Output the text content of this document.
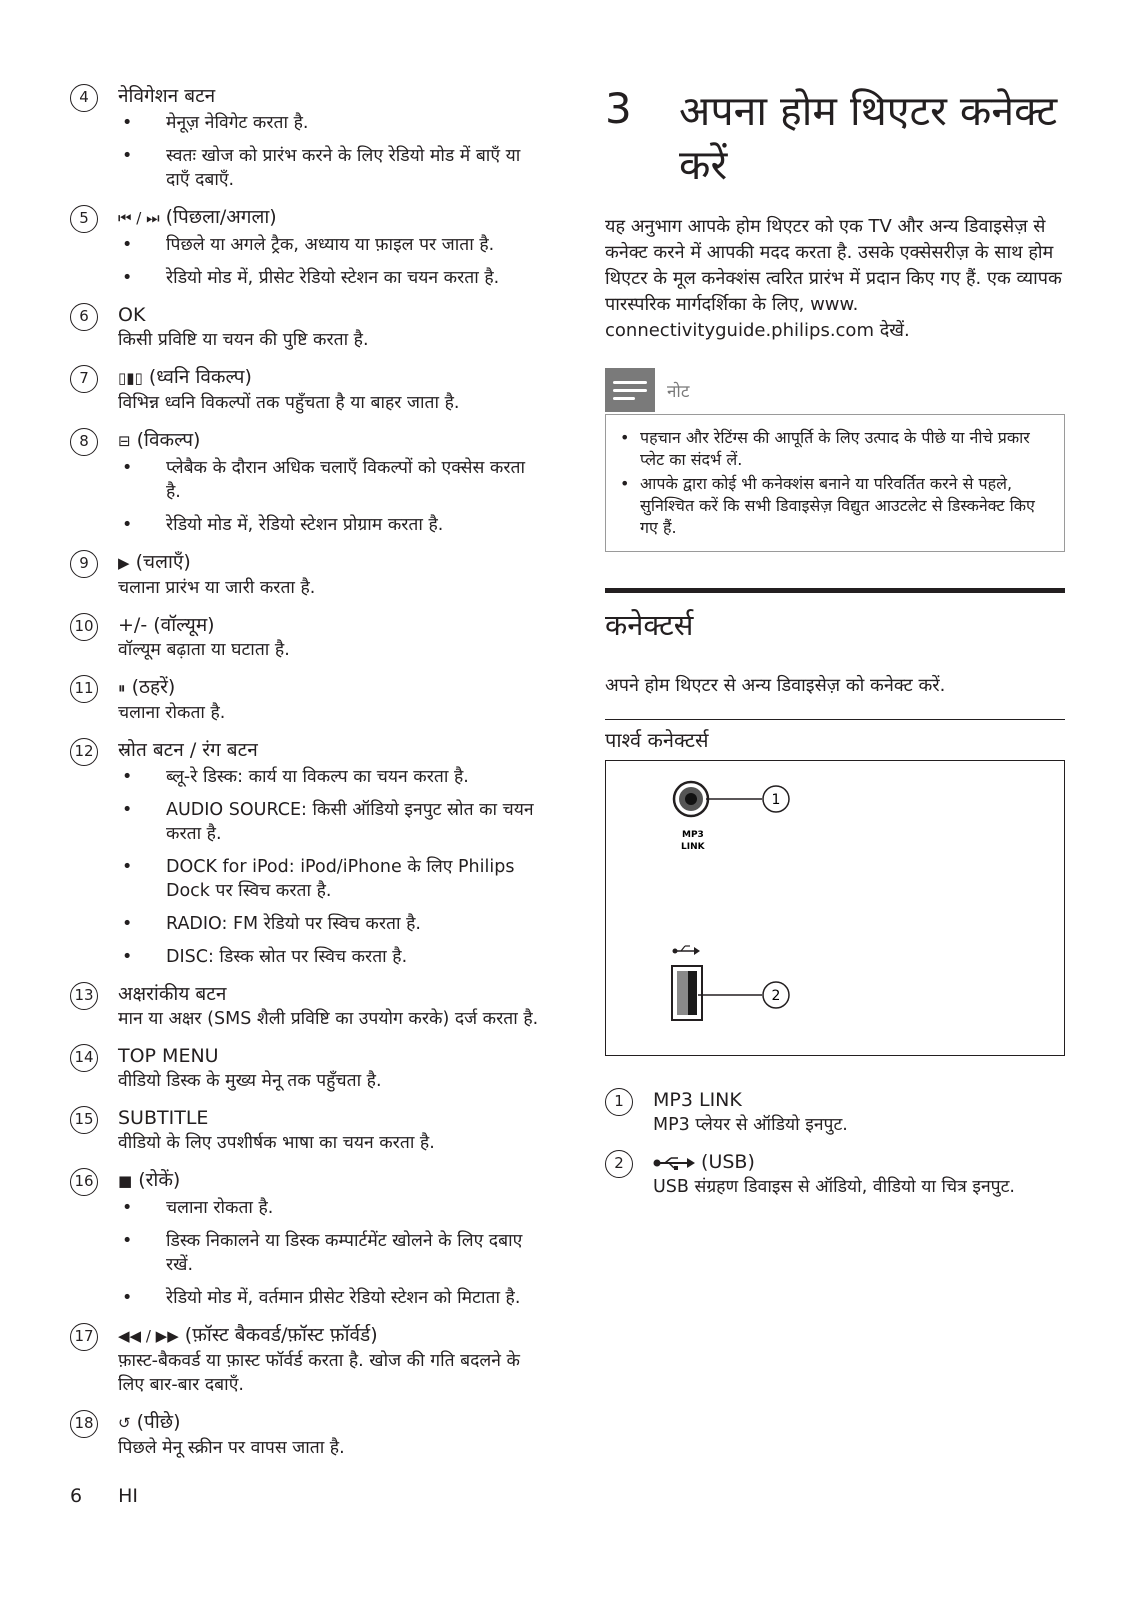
4	नेविगेशन बटन
• मेनूज़ नेविगेट करता है.
• स्वतः खोज को प्रारंभ करने के लिए रेडियो मोड में बाएँ या दाएँ दबाएँ.
5	⏮ / ⏭ (पिछला/अगला)
• पिछले या अगले ट्रैक, अध्याय या फ़ाइल पर जाता है.
• रेडियो मोड में, प्रीसेट रेडियो स्टेशन का चयन करता है.
6	OK
किसी प्रविष्टि या चयन की पुष्टि करता है.
7	▯▮▯ (ध्वनि विकल्प)
विभिन्न ध्वनि विकल्पों तक पहुँचता है या बाहर जाता है.
8	⊟ (विकल्प)
• प्लेबैक के दौरान अधिक चलाएँ विकल्पों को एक्सेस करता है.
• रेडियो मोड में, रेडियो स्टेशन प्रोग्राम करता है.
9	▶ (चलाएँ)
चलाना प्रारंभ या जारी करता है.
10 +/- (वॉल्यूम)
वॉल्यूम बढ़ाता या घटाता है.
11 ⏸ (ठहरें)
चलाना रोकता है.
12 स्रोत बटन / रंग बटन
• ब्लू-रे डिस्क: कार्य या विकल्प का चयन करता है.
• AUDIO SOURCE: किसी ऑडियो इनपुट स्रोत का चयन करता है.
• DOCK for iPod: iPod/iPhone के लिए Philips Dock पर स्विच करता है.
• RADIO: FM रेडियो पर स्विच करता है.
• DISC: डिस्क स्रोत पर स्विच करता है.
13 अक्षरांकीय बटन
मान या अक्षर (SMS शैली प्रविष्टि का उपयोग करके) दर्ज करता है.
14 TOP MENU
वीडियो डिस्क के मुख्य मेनू तक पहुँचता है.
15 SUBTITLE
वीडियो के लिए उपशीर्षक भाषा का चयन करता है.
16 ■ (रोकें)
• चलाना रोकता है.
• डिस्क निकालने या डिस्क कम्पार्टमेंट खोलने के लिए दबाए रखें.
• रेडियो मोड में, वर्तमान प्रीसेट रेडियो स्टेशन को मिटाता है.
17 ◀◀ / ▶▶ (फ़ॉस्ट बैकवर्ड/फ़ॉस्ट फ़ॉर्वर्ड)
फ़ास्ट-बैकवर्ड या फ़ास्ट फॉर्वर्ड करता है. खोज की गति बदलने के लिए बार-बार दबाएँ.
18 ↺ (पीछे)
पिछले मेनू स्क्रीन पर वापस जाता है.
3	अपना होम थिएटर कनेक्ट करें
यह अनुभाग आपके होम थिएटर को एक TV और अन्य डिवाइसेज़ से कनेक्ट करने में आपकी मदद करता है. उसके एक्सेसरीज़ के साथ होम थिएटर के मूल कनेक्शंस त्वरित प्रारंभ में प्रदान किए गए हैं. एक व्यापक पारस्परिक मार्गदर्शिका के लिए, www. connectivityguide.philips.com देखें.
नोट
• पहचान और रेटिंग्स की आपूर्ति के लिए उत्पाद के पीछे या नीचे प्रकार प्लेट का संदर्भ लें.
• आपके द्वारा कोई भी कनेक्शंस बनाने या परिवर्तित करने से पहले, सुनिश्चित करें कि सभी डिवाइसेज़ विद्युत आउटलेट से डिस्कनेक्ट किए गए हैं.
कनेक्टर्स
अपने होम थिएटर से अन्य डिवाइसेज़ को कनेक्ट करें.
पार्श्व कनेक्टर्स
1
MP3
LINK
2
1	MP3 LINK
MP3 प्लेयर से ऑडियो इनपुट.
2	(USB)
USB संग्रहण डिवाइस से ऑडियो, वीडियो या चित्र इनपुट.
6 HI
